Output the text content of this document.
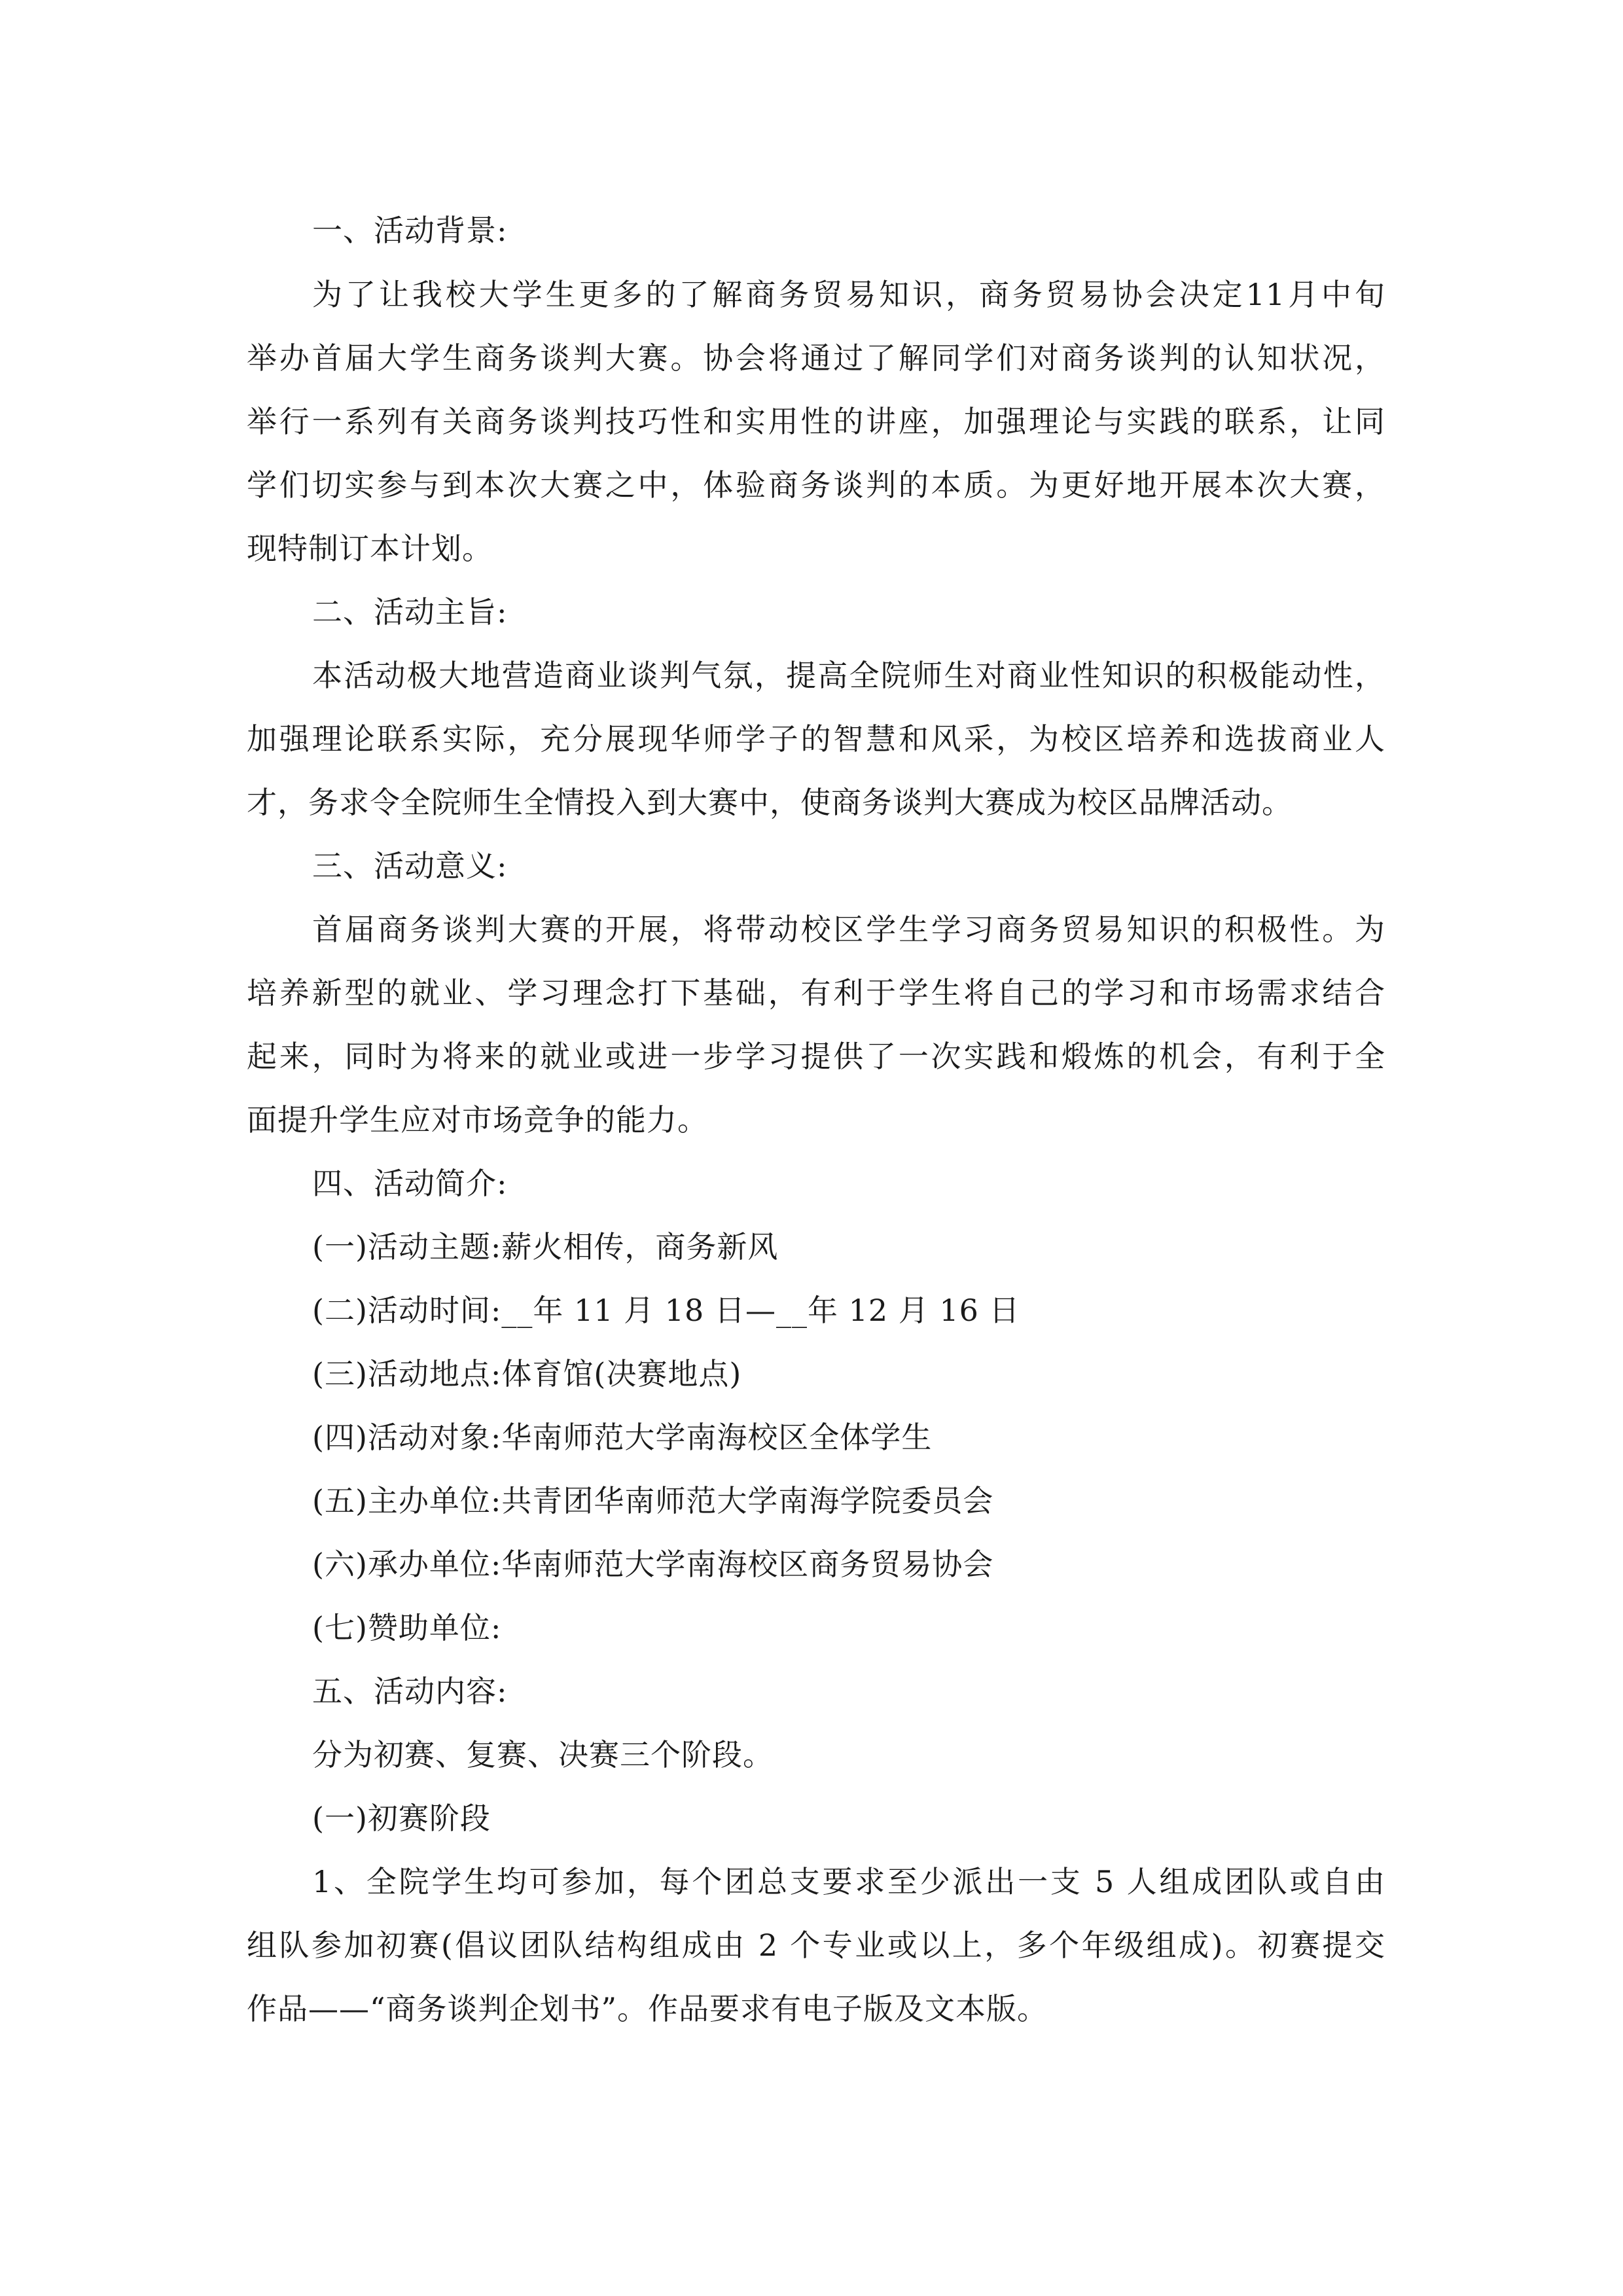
一、活动背景:
为了让我校大学生更多的了解商务贸易知识，商务贸易协会决定11月中旬
举办首届大学生商务谈判大赛。协会将通过了解同学们对商务谈判的认知状况，
举行一系列有关商务谈判技巧性和实用性的讲座，加强理论与实践的联系，让同
学们切实参与到本次大赛之中，体验商务谈判的本质。为更好地开展本次大赛，
现特制订本计划。
二、活动主旨:
本活动极大地营造商业谈判气氛，提高全院师生对商业性知识的积极能动性，
加强理论联系实际，充分展现华师学子的智慧和风采，为校区培养和选拔商业人
才，务求令全院师生全情投入到大赛中，使商务谈判大赛成为校区品牌活动。
三、活动意义:
首届商务谈判大赛的开展，将带动校区学生学习商务贸易知识的积极性。为
培养新型的就业、学习理念打下基础，有利于学生将自己的学习和市场需求结合
起来，同时为将来的就业或进一步学习提供了一次实践和煅炼的机会，有利于全
面提升学生应对市场竞争的能力。
四、活动简介:
(一)活动主题:薪火相传，商务新风
(二)活动时间:__年 11 月 18 日—__年 12 月 16 日
(三)活动地点:体育馆(决赛地点)
(四)活动对象:华南师范大学南海校区全体学生
(五)主办单位:共青团华南师范大学南海学院委员会
(六)承办单位:华南师范大学南海校区商务贸易协会
(七)赞助单位:
五、活动内容:
分为初赛、复赛、决赛三个阶段。
(一)初赛阶段
1、全院学生均可参加，每个团总支要求至少派出一支 5 人组成团队或自由
组队参加初赛(倡议团队结构组成由 2 个专业或以上，多个年级组成)。初赛提交
作品——“商务谈判企划书”。作品要求有电子版及文本版。
